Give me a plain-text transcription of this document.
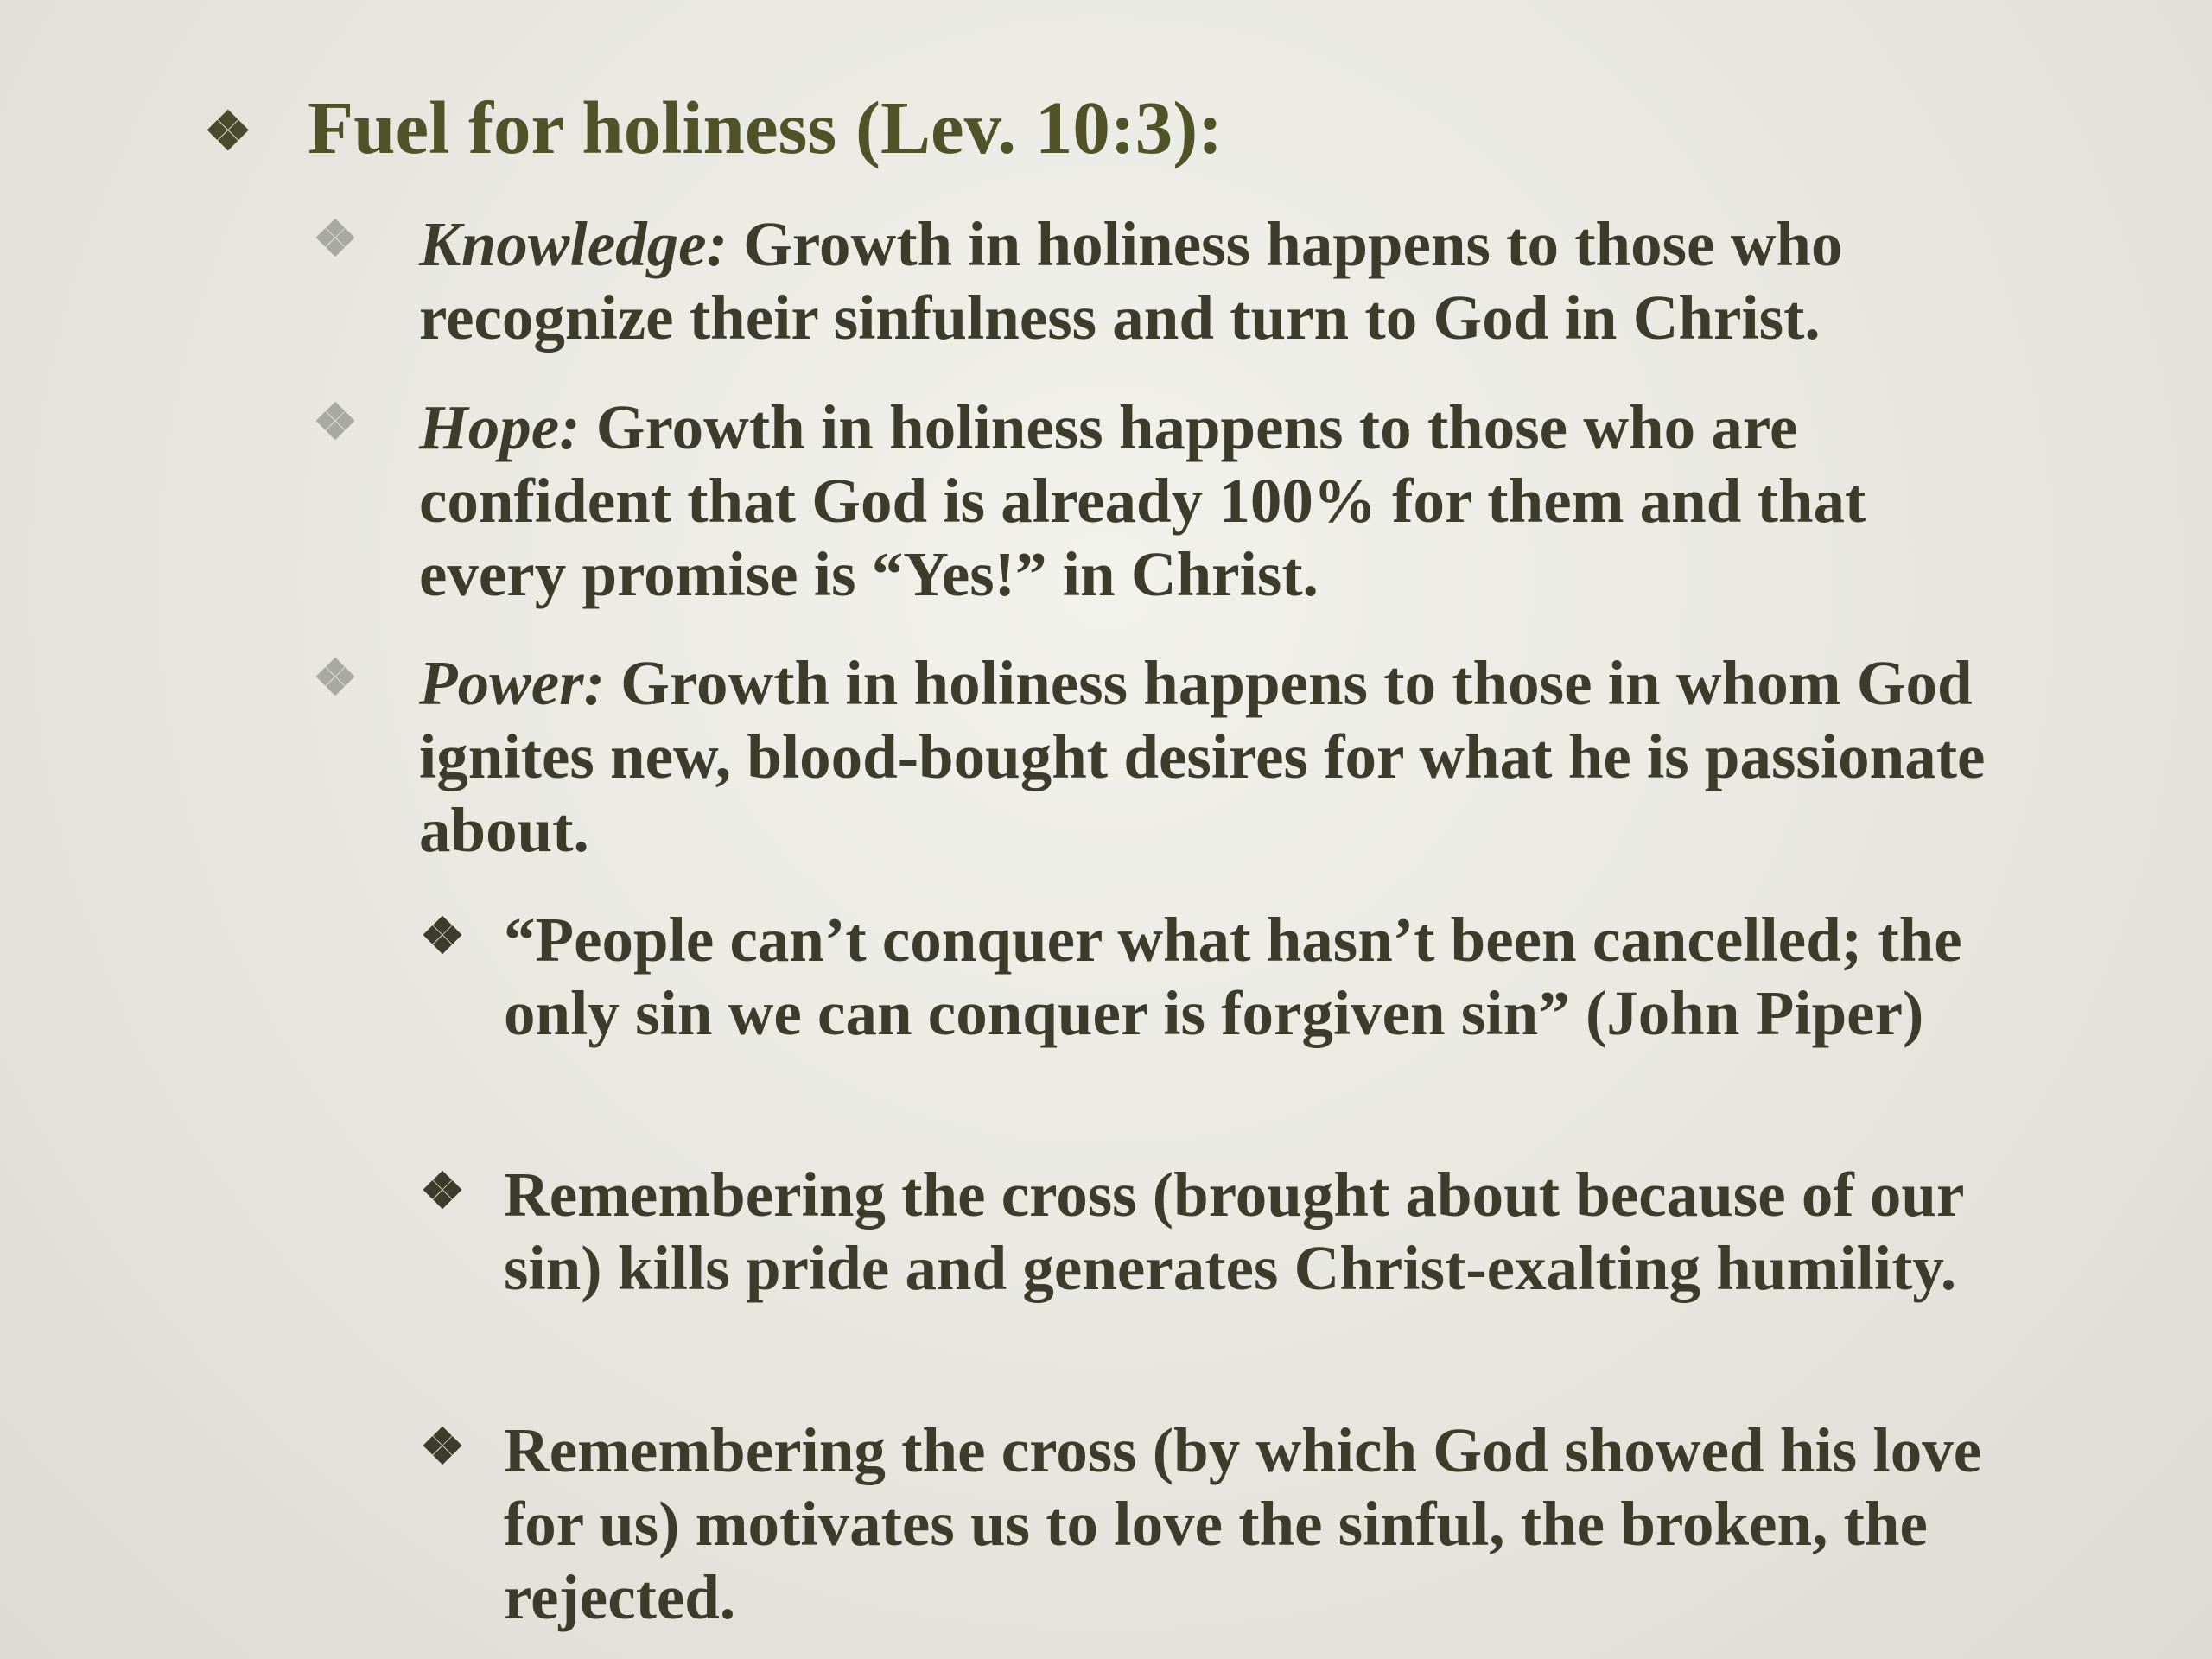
❖ Fuel for holiness (Lev. 10:3):
❖ Knowledge: Growth in holiness happens to those who recognize their sinfulness and turn to God in Christ.
❖ Hope: Growth in holiness happens to those who are confident that God is already 100% for them and that every promise is “Yes!” in Christ.
❖ Power: Growth in holiness happens to those in whom God ignites new, blood-bought desires for what he is passionate about.
❖ “People can’t conquer what hasn’t been cancelled; the only sin we can conquer is forgiven sin” (John Piper)
❖ Remembering the cross (brought about because of our sin) kills pride and generates Christ-exalting humility.
❖ Remembering the cross (by which God showed his love for us) motivates us to love the sinful, the broken, the rejected.
